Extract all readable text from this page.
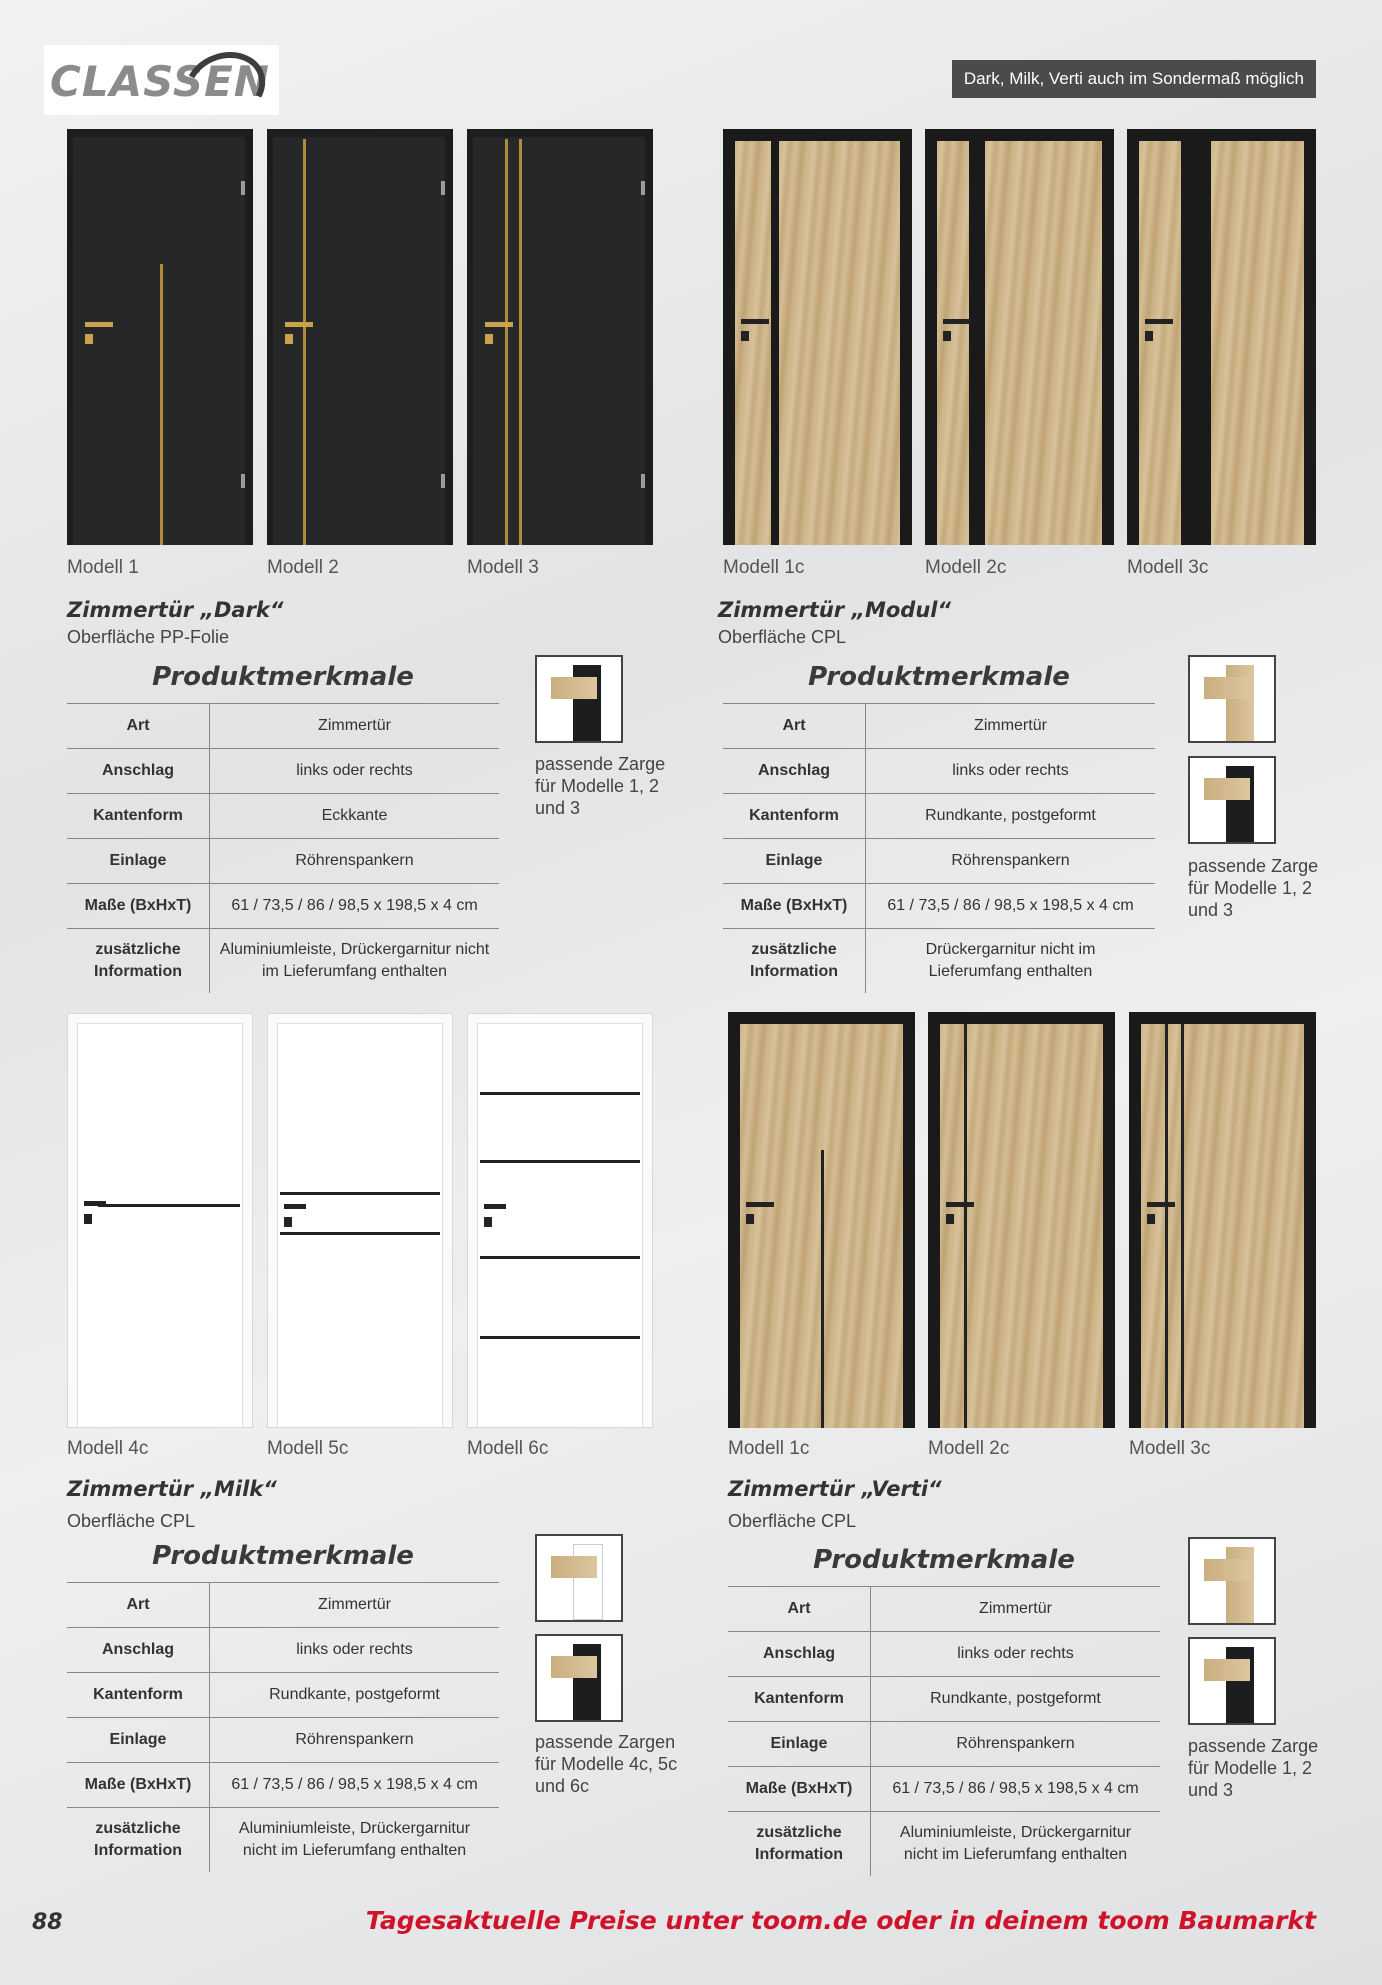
CLASSEN	Dark, Milk, Verti auch im Sondermaß möglich
Modell 1	Modell 2	Modell 3
Zimmertür „Dark“
Oberfläche PP-Folie
Produktmerkmale
Art	Zimmertür
Anschlag	links oder rechts
Kantenform	Eckkante
Einlage	Röhrenspankern
Maße (BxHxT)	61 / 73,5 / 86 / 98,5 x 198,5 x 4 cm
zusätzliche
Information	Aluminiumleiste, Drückergarnitur nicht
im Lieferumfang enthalten
passende Zarge
für Modelle 1, 2
und 3
Modell 1c	Modell 2c	Modell 3c
Zimmertür „Modul“
Oberfläche CPL
Produktmerkmale
Art	Zimmertür
Anschlag	links oder rechts
Kantenform	Rundkante, postgeformt
Einlage	Röhrenspankern
Maße (BxHxT)	61 / 73,5 / 86 / 98,5 x 198,5 x 4 cm
zusätzliche
Information	Drückergarnitur nicht im
Lieferumfang enthalten
passende Zarge
für Modelle 1, 2
und 3
Modell 4c	Modell 5c	Modell 6c
Zimmertür „Milk“
Oberfläche CPL
Produktmerkmale
Art	Zimmertür
Anschlag	links oder rechts
Kantenform	Rundkante, postgeformt
Einlage	Röhrenspankern
Maße (BxHxT)	61 / 73,5 / 86 / 98,5 x 198,5 x 4 cm
zusätzliche
Information	Aluminiumleiste, Drückergarnitur
nicht im Lieferumfang enthalten
passende Zargen
für Modelle 4c, 5c
und 6c
Modell 1c	Modell 2c	Modell 3c
Zimmertür „Verti“
Oberfläche CPL
Produktmerkmale
Art	Zimmertür
Anschlag	links oder rechts
Kantenform	Rundkante, postgeformt
Einlage	Röhrenspankern
Maße (BxHxT)	61 / 73,5 / 86 / 98,5 x 198,5 x 4 cm
zusätzliche
Information	Aluminiumleiste, Drückergarnitur
nicht im Lieferumfang enthalten
passende Zarge
für Modelle 1, 2
und 3
88	Tagesaktuelle Preise unter toom.de oder in deinem toom Baumarkt
